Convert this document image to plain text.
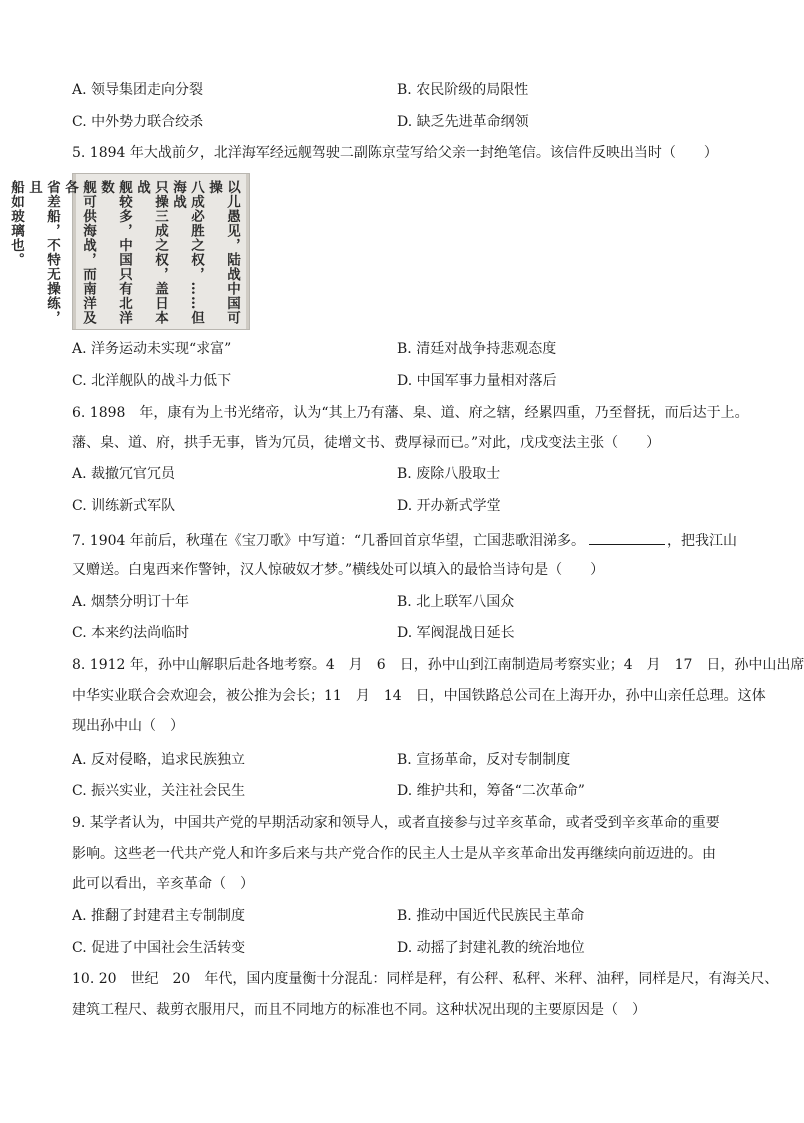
A. 领导集团走向分裂	B. 农民阶级的局限性
C. 中外势力联合绞杀	D. 缺乏先进革命纲领
5. 1894 年大战前夕，北洋海军经远舰驾驶二副陈京莹写给父亲一封绝笔信。该信件反映出当时（　　）
以儿愚见，陆战中国可操
八成必胜之权，……但海战
只操三成之权，盖日本战
舰较多，中国只有北洋数
舰可供海战，而南洋及各
省差船，不特无操练，且
船如玻璃也。
A. 洋务运动未实现“求富”	B. 清廷对战争持悲观态度
C. 北洋舰队的战斗力低下	D. 中国军事力量相对落后
6. 1898　年，康有为上书光绪帝，认为“其上乃有藩、臬、道、府之辖，经累四重，乃至督抚，而后达于上。
藩、臬、道、府，拱手无事，皆为冗员，徒增文书、费厚禄而已。”对此，戊戌变法主张（　　）
A. 裁撤冗官冗员	B. 废除八股取士
C. 训练新式军队	D. 开办新式学堂
7. 1904 年前后，秋瑾在《宝刀歌》中写道：“几番回首京华望，亡国悲歌泪涕多。	，把我江山
又赠送。白鬼西来作警钟，汉人惊破奴才梦。”横线处可以填入的最恰当诗句是（　　）
A. 烟禁分明订十年	B. 北上联军八国众
C. 本来约法尚临时	D. 军阀混战日延长
8. 1912 年，孙中山解职后赴各地考察。4　月　6　日，孙中山到江南制造局考察实业；4　月　17　日，孙中山出席
中华实业联合会欢迎会，被公推为会长；11　月　14　日，中国铁路总公司在上海开办，孙中山亲任总理。这体
现出孙中山（　）
A. 反对侵略，追求民族独立	B. 宣扬革命，反对专制制度
C. 振兴实业，关注社会民生	D. 维护共和，筹备“二次革命”
9. 某学者认为，中国共产党的早期活动家和领导人，或者直接参与过辛亥革命，或者受到辛亥革命的重要
影响。这些老一代共产党人和许多后来与共产党合作的民主人士是从辛亥革命出发再继续向前迈进的。由
此可以看出，辛亥革命（　）
A. 推翻了封建君主专制制度	B. 推动中国近代民族民主革命
C. 促进了中国社会生活转变	D. 动摇了封建礼教的统治地位
10. 20　世纪　20　年代，国内度量衡十分混乱：同样是秤，有公秤、私秤、米秤、油秤，同样是尺，有海关尺、
建筑工程尺、裁剪衣服用尺，而且不同地方的标准也不同。这种状况出现的主要原因是（　）
